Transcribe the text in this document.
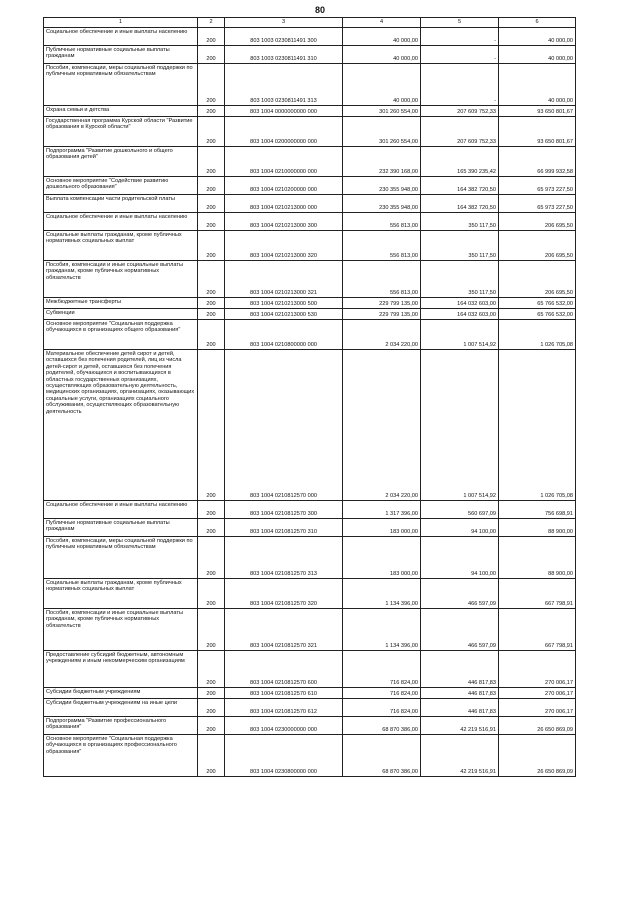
80
1	2	3	4	5	6
Социальное обеспечение и иные выплаты населению	200	803 1003 0230811491 300	40 000,00	-	40 000,00
Публичные нормативные социальные выплаты гражданам	200	803 1003 0230811491 310	40 000,00	-	40 000,00
Пособия, компенсации, меры социальной поддержки по публичным нормативным обязательствам	200	803 1003 0230811491 313	40 000,00	-	40 000,00
Охрана семьи и детства	200	803 1004 0000000000 000	301 260 554,00	207 609 752,33	93 650 801,67
Государственная программа Курской области "Развитие образования в Курской области"	200	803 1004 0200000000 000	301 260 554,00	207 609 752,33	93 650 801,67
Подпрограмма "Развитие дошкольного и общего образования детей"	200	803 1004 0210000000 000	232 390 168,00	165 390 235,42	66 999 932,58
Основное мероприятие "Содействие развитию дошкольного образования"	200	803 1004 0210200000 000	230 355 948,00	164 382 720,50	65 973 227,50
Выплата компенсации части родительской платы	200	803 1004 0210213000 000	230 355 948,00	164 382 720,50	65 973 227,50
Социальное обеспечение и иные выплаты населению	200	803 1004 0210213000 300	556 813,00	350 117,50	206 695,50
Социальные выплаты гражданам, кроме публичных нормативных социальных выплат	200	803 1004 0210213000 320	556 813,00	350 117,50	206 695,50
Пособия, компенсации и иные социальные выплаты гражданам, кроме публичных нормативных обязательств	200	803 1004 0210213000 321	556 813,00	350 117,50	206 695,50
Межбюджетные трансферты	200	803 1004 0210213000 500	229 799 135,00	164 032 603,00	65 766 532,00
Субвенции	200	803 1004 0210213000 530	229 799 135,00	164 032 603,00	65 766 532,00
Основное мероприятие "Социальная поддержка обучающихся в организациях общего образования"	200	803 1004 0210800000 000	2 034 220,00	1 007 514,92	1 026 705,08
Материальное обеспечение детей сирот и детей, оставшихся без попечения родителей, лиц из числа детей-сирот и детей, оставшихся без попечения родителей, обучающихся и воспитывающихся в областных государственных организациях, осуществляющих образовательную деятельность, медицинских организациях, организациях, оказывающих социальные услуги, организациях социального обслуживания, осуществляющих образовательную деятельность	200	803 1004 0210812570 000	2 034 220,00	1 007 514,92	1 026 705,08
Социальное обеспечение и иные выплаты населению	200	803 1004 0210812570 300	1 317 396,00	560 697,09	756 698,91
Публичные нормативные социальные выплаты гражданам	200	803 1004 0210812570 310	183 000,00	94 100,00	88 900,00
Пособия, компенсации, меры социальной поддержки по публичным нормативным обязательствам	200	803 1004 0210812570 313	183 000,00	94 100,00	88 900,00
Социальные выплаты гражданам, кроме публичных нормативных социальных выплат	200	803 1004 0210812570 320	1 134 396,00	466 597,09	667 798,91
Пособия, компенсации и иные социальные выплаты гражданам, кроме публичных нормативных обязательств	200	803 1004 0210812570 321	1 134 396,00	466 597,09	667 798,91
Предоставление субсидий бюджетным, автономным учреждениям и иным некоммерческим организациям	200	803 1004 0210812570 600	716 824,00	446 817,83	270 006,17
Субсидии бюджетным учреждениям	200	803 1004 0210812570 610	716 824,00	446 817,83	270 006,17
Субсидии бюджетным учреждениям на иные цели	200	803 1004 0210812570 612	716 824,00	446 817,83	270 006,17
Подпрограмма "Развитие профессионального образования"	200	803 1004 0230000000 000	68 870 386,00	42 219 516,91	26 650 869,09
Основное мероприятие "Социальная поддержка обучающихся в организациях профессионального образования"	200	803 1004 0230800000 000	68 870 386,00	42 219 516,91	26 650 869,09
